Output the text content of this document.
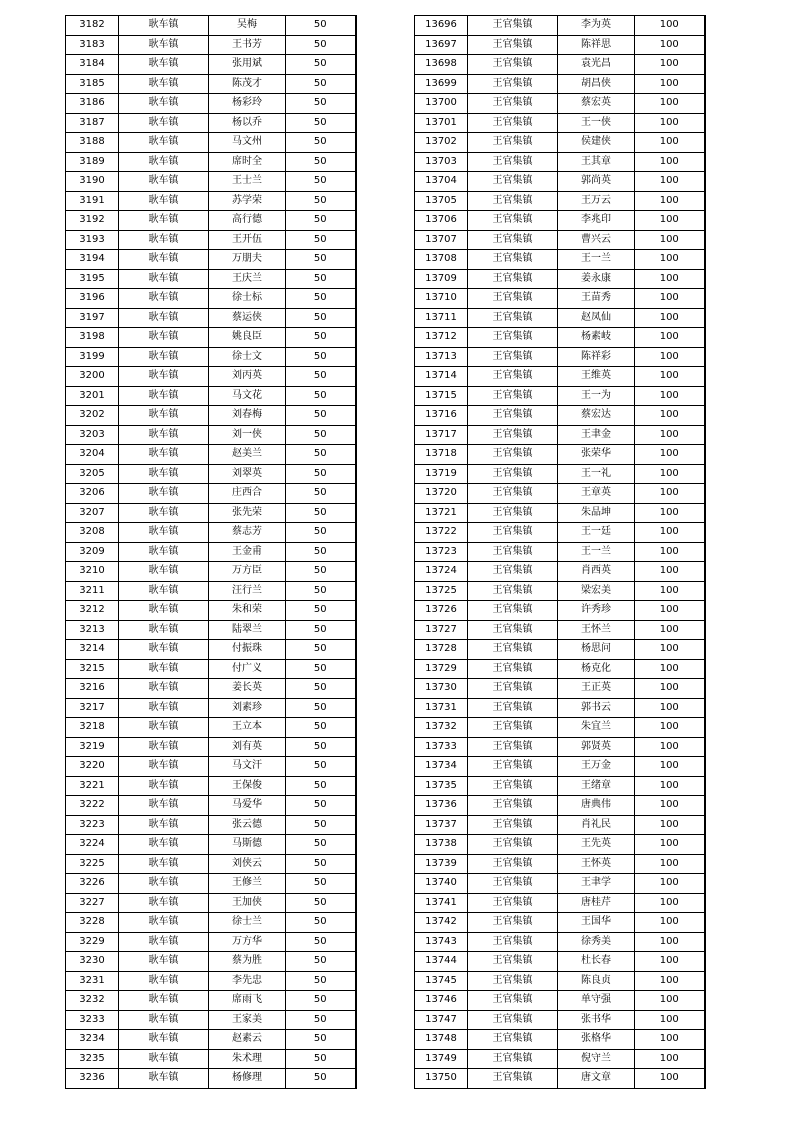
3182	耿车镇	吴梅	50
3183	耿车镇	王书芳	50
3184	耿车镇	张用斌	50
3185	耿车镇	陈茂才	50
3186	耿车镇	杨彩玲	50
3187	耿车镇	杨以乔	50
3188	耿车镇	马文州	50
3189	耿车镇	席时全	50
3190	耿车镇	王士兰	50
3191	耿车镇	苏学荣	50
3192	耿车镇	高行德	50
3193	耿车镇	王开伍	50
3194	耿车镇	万朋夫	50
3195	耿车镇	王庆兰	50
3196	耿车镇	徐士标	50
3197	耿车镇	蔡运侠	50
3198	耿车镇	姚良臣	50
3199	耿车镇	徐士文	50
3200	耿车镇	刘丙英	50
3201	耿车镇	马文花	50
3202	耿车镇	刘春梅	50
3203	耿车镇	刘一侠	50
3204	耿车镇	赵美兰	50
3205	耿车镇	刘翠英	50
3206	耿车镇	庄西合	50
3207	耿车镇	张先荣	50
3208	耿车镇	蔡志芳	50
3209	耿车镇	王金甫	50
3210	耿车镇	万方臣	50
3211	耿车镇	汪行兰	50
3212	耿车镇	朱和荣	50
3213	耿车镇	陆翠兰	50
3214	耿车镇	付振珠	50
3215	耿车镇	付广义	50
3216	耿车镇	姜长英	50
3217	耿车镇	刘素珍	50
3218	耿车镇	王立本	50
3219	耿车镇	刘有英	50
3220	耿车镇	马文汗	50
3221	耿车镇	王保俊	50
3222	耿车镇	马爱华	50
3223	耿车镇	张云德	50
3224	耿车镇	马斯德	50
3225	耿车镇	刘侠云	50
3226	耿车镇	王修兰	50
3227	耿车镇	王加侠	50
3228	耿车镇	徐士兰	50
3229	耿车镇	万方华	50
3230	耿车镇	蔡为胜	50
3231	耿车镇	李先忠	50
3232	耿车镇	席雨飞	50
3233	耿车镇	王家美	50
3234	耿车镇	赵素云	50
3235	耿车镇	朱术理	50
3236	耿车镇	杨修理	50
13696	王官集镇	李为英	100
13697	王官集镇	陈祥思	100
13698	王官集镇	袁光昌	100
13699	王官集镇	胡昌侠	100
13700	王官集镇	蔡宏英	100
13701	王官集镇	王一侠	100
13702	王官集镇	侯建侠	100
13703	王官集镇	王其章	100
13704	王官集镇	郭尚英	100
13705	王官集镇	王万云	100
13706	王官集镇	李兆印	100
13707	王官集镇	曹兴云	100
13708	王官集镇	王一兰	100
13709	王官集镇	姜永康	100
13710	王官集镇	王苗秀	100
13711	王官集镇	赵凤仙	100
13712	王官集镇	杨素岐	100
13713	王官集镇	陈祥彩	100
13714	王官集镇	王维英	100
13715	王官集镇	王一为	100
13716	王官集镇	蔡宏达	100
13717	王官集镇	王聿金	100
13718	王官集镇	张荣华	100
13719	王官集镇	王一礼	100
13720	王官集镇	王章英	100
13721	王官集镇	朱品坤	100
13722	王官集镇	王一廷	100
13723	王官集镇	王一兰	100
13724	王官集镇	肖西英	100
13725	王官集镇	梁宏美	100
13726	王官集镇	许秀珍	100
13727	王官集镇	王怀兰	100
13728	王官集镇	杨思问	100
13729	王官集镇	杨克化	100
13730	王官集镇	王正英	100
13731	王官集镇	郭书云	100
13732	王官集镇	朱宜兰	100
13733	王官集镇	郭贤英	100
13734	王官集镇	王万金	100
13735	王官集镇	王绪章	100
13736	王官集镇	唐典伟	100
13737	王官集镇	肖礼民	100
13738	王官集镇	王先英	100
13739	王官集镇	王怀英	100
13740	王官集镇	王聿学	100
13741	王官集镇	唐桂芹	100
13742	王官集镇	王国华	100
13743	王官集镇	徐秀美	100
13744	王官集镇	杜长春	100
13745	王官集镇	陈良贞	100
13746	王官集镇	单守强	100
13747	王官集镇	张书华	100
13748	王官集镇	张格华	100
13749	王官集镇	倪守兰	100
13750	王官集镇	唐文章	100
